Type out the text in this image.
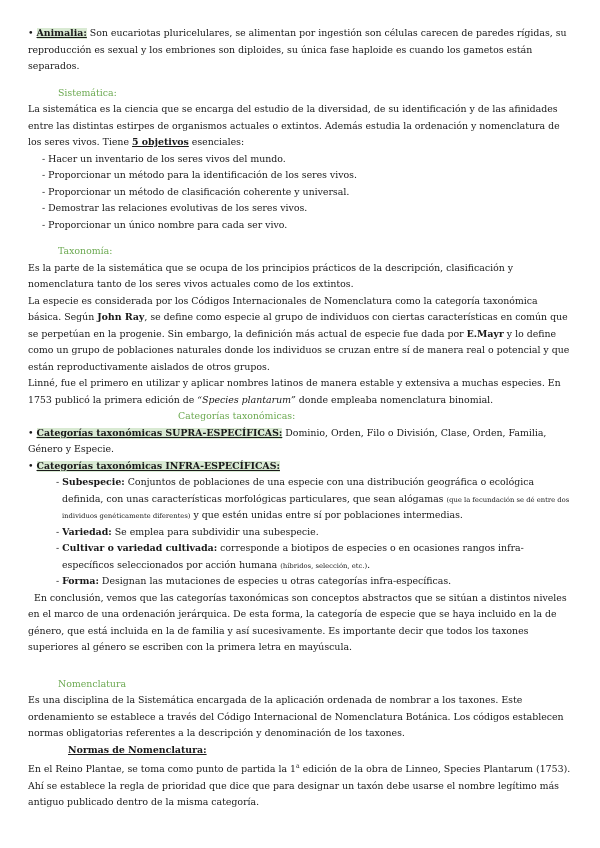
• Animalia: Son eucariotas pluricelulares, se alimentan por ingestión son células carecen de paredes rígidas, su reproducción es sexual y los embriones son diploides, su única fase haploide es cuando los gametos están separados.

Sistemática:

La sistemática es la ciencia que se encarga del estudio de la diversidad, de su identificación y de las afinidades entre las distintas estirpes de organismos actuales o extintos. Además estudia la ordenación y nomenclatura de los seres vivos. Tiene 5 objetivos esenciales:

- Hacer un inventario de los seres vivos del mundo.
- Proporcionar un método para la identificación de los seres vivos.
- Proporcionar un método de clasificación coherente y universal.
- Demostrar las relaciones evolutivas de los seres vivos.
- Proporcionar un único nombre para cada ser vivo.

Taxonomía:

Es la parte de la sistemática que se ocupa de los principios prácticos de la descripción, clasificación y nomenclatura tanto de los seres vivos actuales como de los extintos.

La especie es considerada por los Códigos Internacionales de Nomenclatura como la categoría taxonómica básica. Según John Ray, se define como especie al grupo de individuos con ciertas características en común que se perpetúan en la progenie. Sin embargo, la definición más actual de especie fue dada por E.Mayr y lo define como un grupo de poblaciones naturales donde los individuos se cruzan entre sí de manera real o potencial y que están reproductivamente aislados de otros grupos.

Linné, fue el primero en utilizar y aplicar nombres latinos de manera estable y extensiva a muchas especies. En 1753 publicó la primera edición de “Species plantarum” donde empleaba nomenclatura binomial.

Categorías taxonómicas:

• Categorías taxonómicas SUPRA-ESPECÍFICAS: Dominio, Orden, Filo o División, Clase, Orden, Familia, Género y Especie.

• Categorías taxonómicas INFRA-ESPECÍFICAS:

- Subespecie: Conjuntos de poblaciones de una especie con una distribución geográfica o ecológica definida, con unas características morfológicas particulares, que sean alógamas (que la fecundación se dé entre dos individuos genéticamente diferentes) y que estén unidas entre sí por poblaciones intermedias.
- Variedad: Se emplea para subdividir una subespecie.
- Cultivar o variedad cultivada: corresponde a biotipos de especies o en ocasiones rangos infra-específicos seleccionados por acción humana (híbridos, selección, etc.).
- Forma: Designan las mutaciones de especies u otras categorías infra-específicas.

En conclusión, vemos que las categorías taxonómicas son conceptos abstractos que se sitúan a distintos niveles en el marco de una ordenación jerárquica. De esta forma, la categoría de especie que se haya incluido en la de género, que está incluida en la de familia y así sucesivamente. Es importante decir que todos los taxones superiores al género se escriben con la primera letra en mayúscula.

Nomenclatura

Es una disciplina de la Sistemática encargada de la aplicación ordenada de nombrar a los taxones. Este ordenamiento se establece a través del Código Internacional de Nomenclatura Botánica. Los códigos establecen normas obligatorias referentes a la descripción y denominación de los taxones.

Normas de Nomenclatura:

En el Reino Plantae, se toma como punto de partida la 1$^a$ edición de la obra de Linneo, Species Plantarum (1753). Ahí se establece la regla de prioridad que dice que para designar un taxón debe usarse el nombre legítimo más antiguo publicado dentro de la misma categoría.
